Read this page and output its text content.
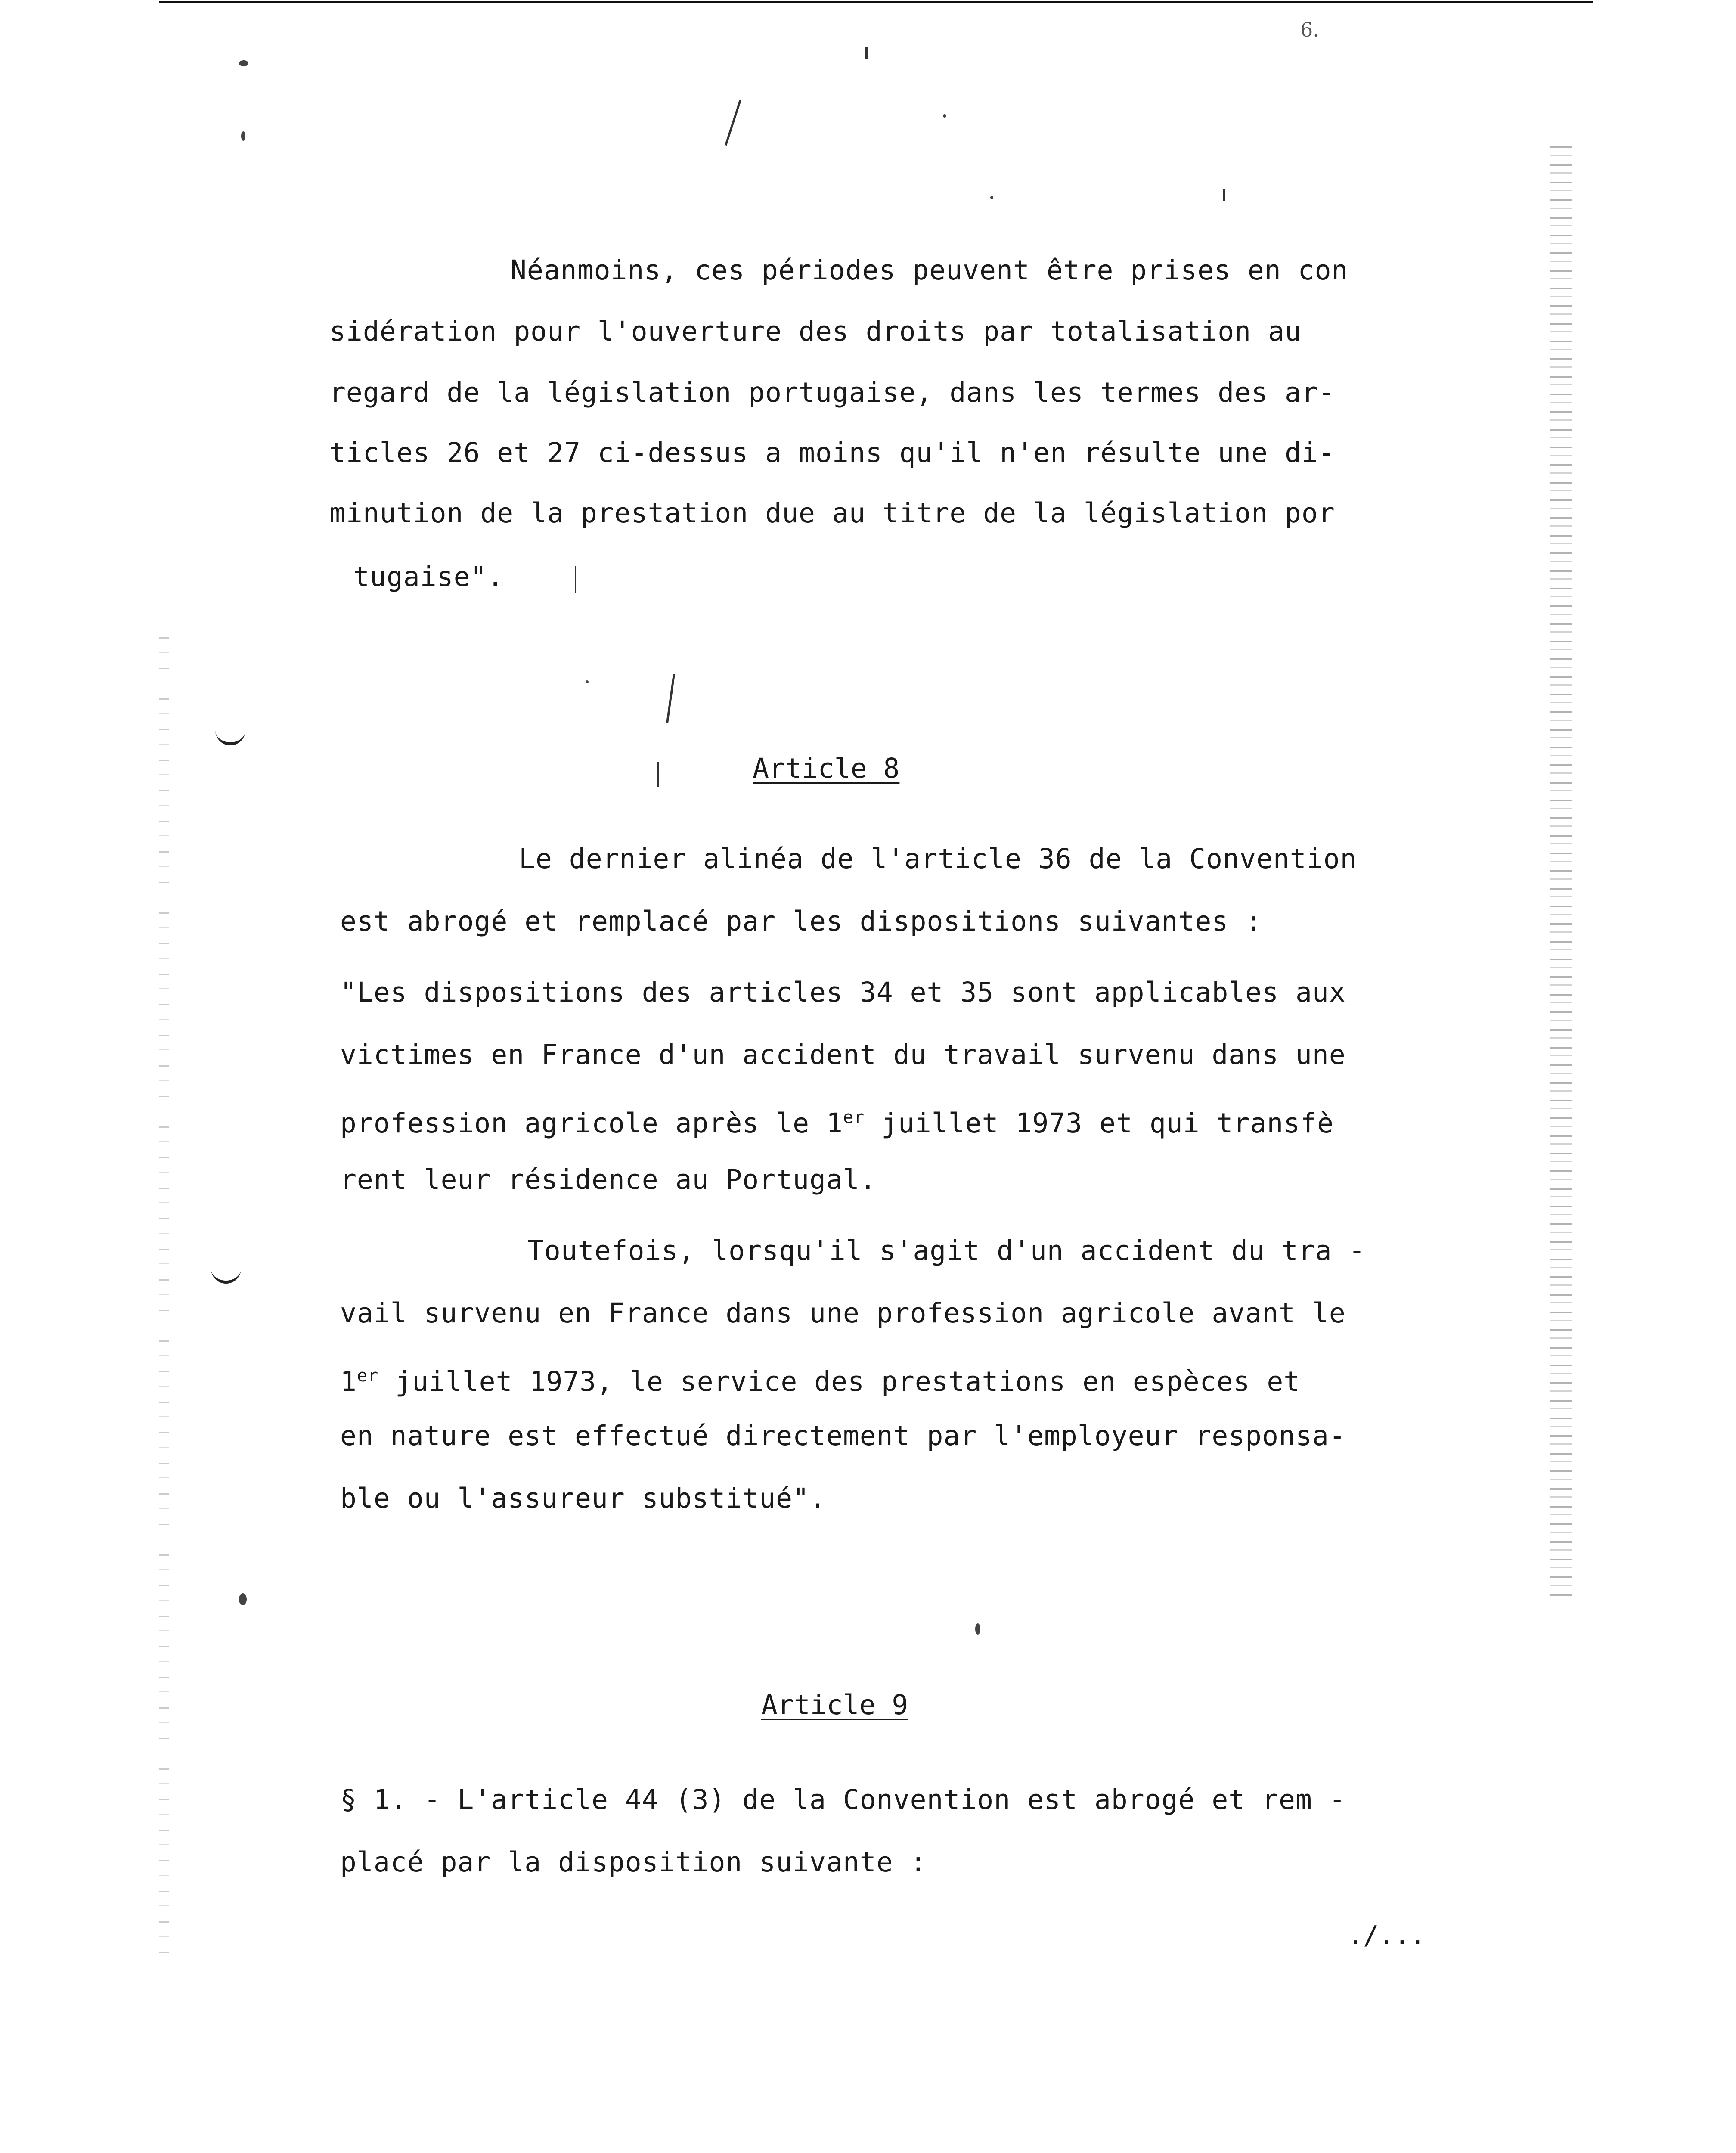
6.
Néanmoins, ces périodes peuvent être prises en con
sidération pour l'ouverture des droits par totalisation au
regard de la législation portugaise, dans les termes des ar-
ticles 26 et 27 ci-dessus a moins qu'il n'en résulte une di-
minution de la prestation due au titre de la législation por
tugaise".
Article 8
Le dernier alinéa de l'article 36 de la Convention
est abrogé et remplacé par les dispositions suivantes :
"Les dispositions des articles 34 et 35 sont applicables aux
victimes en France d'un accident du travail survenu dans une
profession agricole après le 1er juillet 1973 et qui transfè
rent leur résidence au Portugal.
Toutefois, lorsqu'il s'agit d'un accident du tra -
vail survenu en France dans une profession agricole avant le
1er juillet 1973, le service des prestations en espèces et
en nature est effectué directement par l'employeur responsa-
ble ou l'assureur substitué".
Article 9
§ 1. - L'article 44 (3) de la Convention est abrogé et rem -
placé par la disposition suivante :
./...
